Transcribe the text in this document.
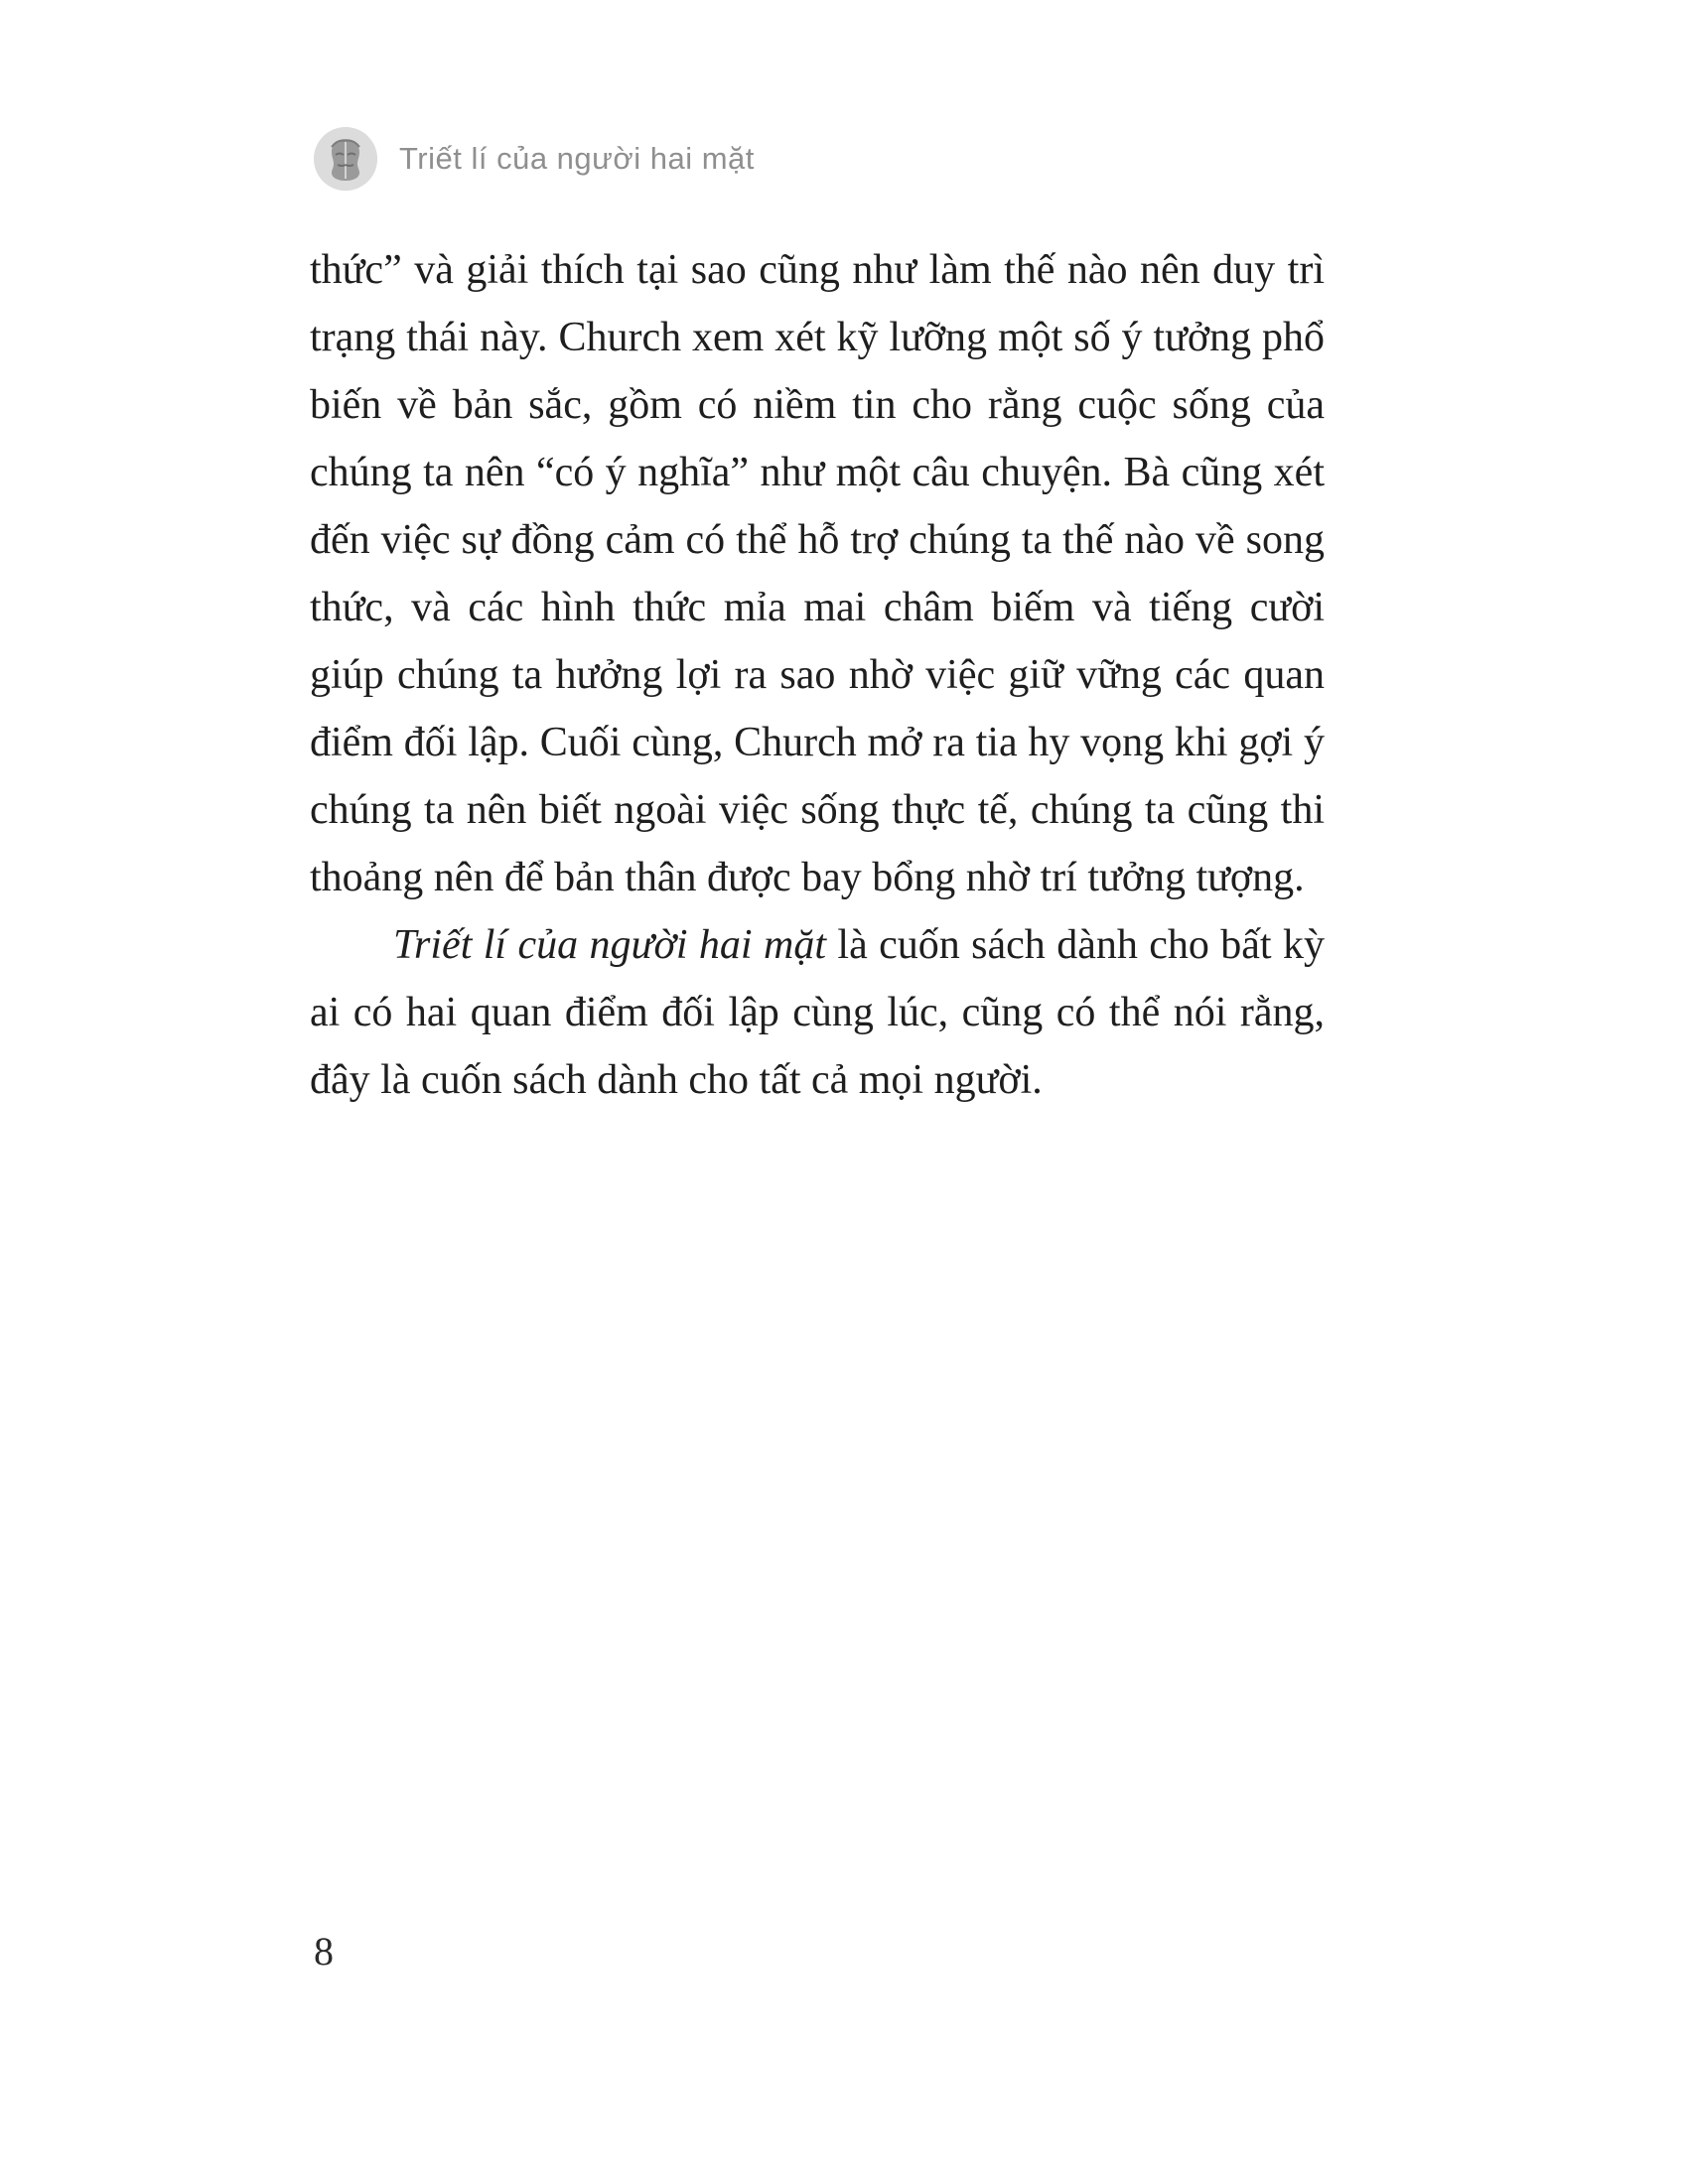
Triết lí của người hai mặt

thức” và giải thích tại sao cũng như làm thế nào nên duy trì trạng thái này. Church xem xét kỹ lưỡng một số ý tưởng phổ biến về bản sắc, gồm có niềm tin cho rằng cuộc sống của chúng ta nên “có ý nghĩa” như một câu chuyện. Bà cũng xét đến việc sự đồng cảm có thể hỗ trợ chúng ta thế nào về song thức, và các hình thức mỉa mai châm biếm và tiếng cười giúp chúng ta hưởng lợi ra sao nhờ việc giữ vững các quan điểm đối lập. Cuối cùng, Church mở ra tia hy vọng khi gợi ý chúng ta nên biết ngoài việc sống thực tế, chúng ta cũng thi thoảng nên để bản thân được bay bổng nhờ trí tưởng tượng.

Triết lí của người hai mặt là cuốn sách dành cho bất kỳ ai có hai quan điểm đối lập cùng lúc, cũng có thể nói rằng, đây là cuốn sách dành cho tất cả mọi người.

8
